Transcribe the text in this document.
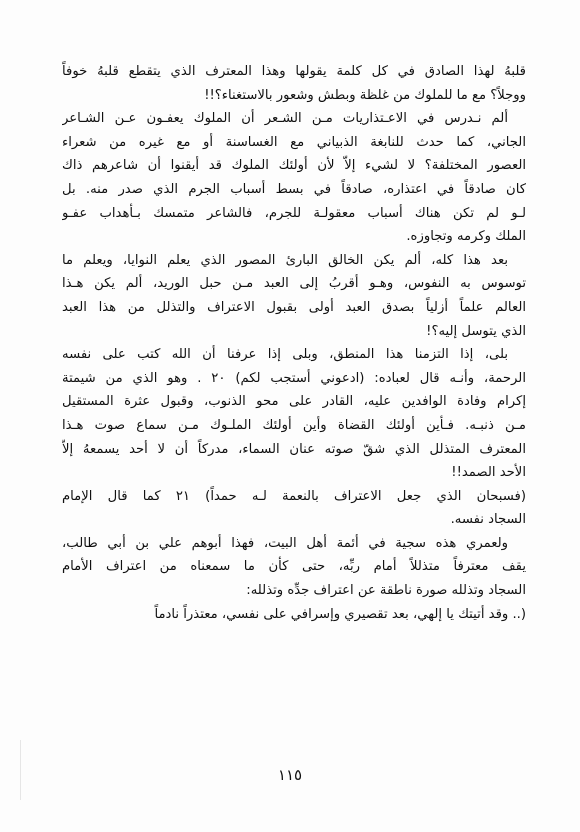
قلبهُ لهذا الصادق في كل كلمة يقولها وهذا المعترف الذي يتقطع قلبهُ خوفاً
ووجلاً؟ مع ما للملوك من غلظة وبطش وشعور بالاستغناء؟!!

ألم نـدرس في الاعـتذاريات مـن الشـعر أن الملوك يعفـون عـن الشـاعر
الجاني، كما حدث للنابغة الذبياني مع الغساسنة أو مع غيره من شعراء
العصور المختلفة؟ لا لشيء إلاّ لأن أولئك الملوك قد أيقنوا أن شاعرهم ذاك
كان صادقاً في اعتذاره، صادقاً في بسط أسباب الجرم الذي صدر منه. بل
لـو لم تكن هناك أسباب معقولـة للجرم، فالشاعر متمسك بـأهداب عفـو
الملك وكرمه وتجاوزه.

بعد هذا كله، ألم يكن الخالق البارئ المصور الذي يعلم النوايا، ويعلم ما
توسوس به النفوس، وهـو أقربُ إلى العبد مـن حبل الوريد، ألم يكن هـذا
العالم علماً أزلياً بصدق العبد أولى بقبول الاعتراف والتذلل من هذا العبد
الذي يتوسل إليه؟!

بلى، إذا التزمنا هذا المنطق، وبلى إذا عرفنا أن الله كتب على نفسه
الرحمة، وأنـه قال لعباده: (ادعوني أستجب لكم) ٢٠ . وهو الذي من شيمتة
إكرام وفادة الوافدين عليه، القادر على محو الذنوب، وقبول عثرة المستقيل
مـن ذنبـه. فـأين أولئك القضاة وأين أولئك الملـوك مـن سماع صوت هـذا
المعترف المتذلل الذي شقّ صوته عنان السماء، مدركاً أن لا أحد يسمعهُ إلاّ
الأحد الصمد!!

(فسبحان الذي جعل الاعتراف بالنعمة لـه حمداً) ٢١ كما قال الإمام
السجاد نفسه.

ولعمري هذه سجية في أئمة أهل البيت، فهذا أبوهم علي بن أبي طالب،
يقف معترفاً متذللاً أمام ربِّه، حتى كأن ما سمعناه من اعتراف الأمام
السجاد وتذلله صورة ناطقة عن اعتراف جدِّه وتذلله:

(.. وقد أتيتك يا إلهي، بعد تقصيري وإسرافي على نفسي، معتذراً نادماً

١١٥
